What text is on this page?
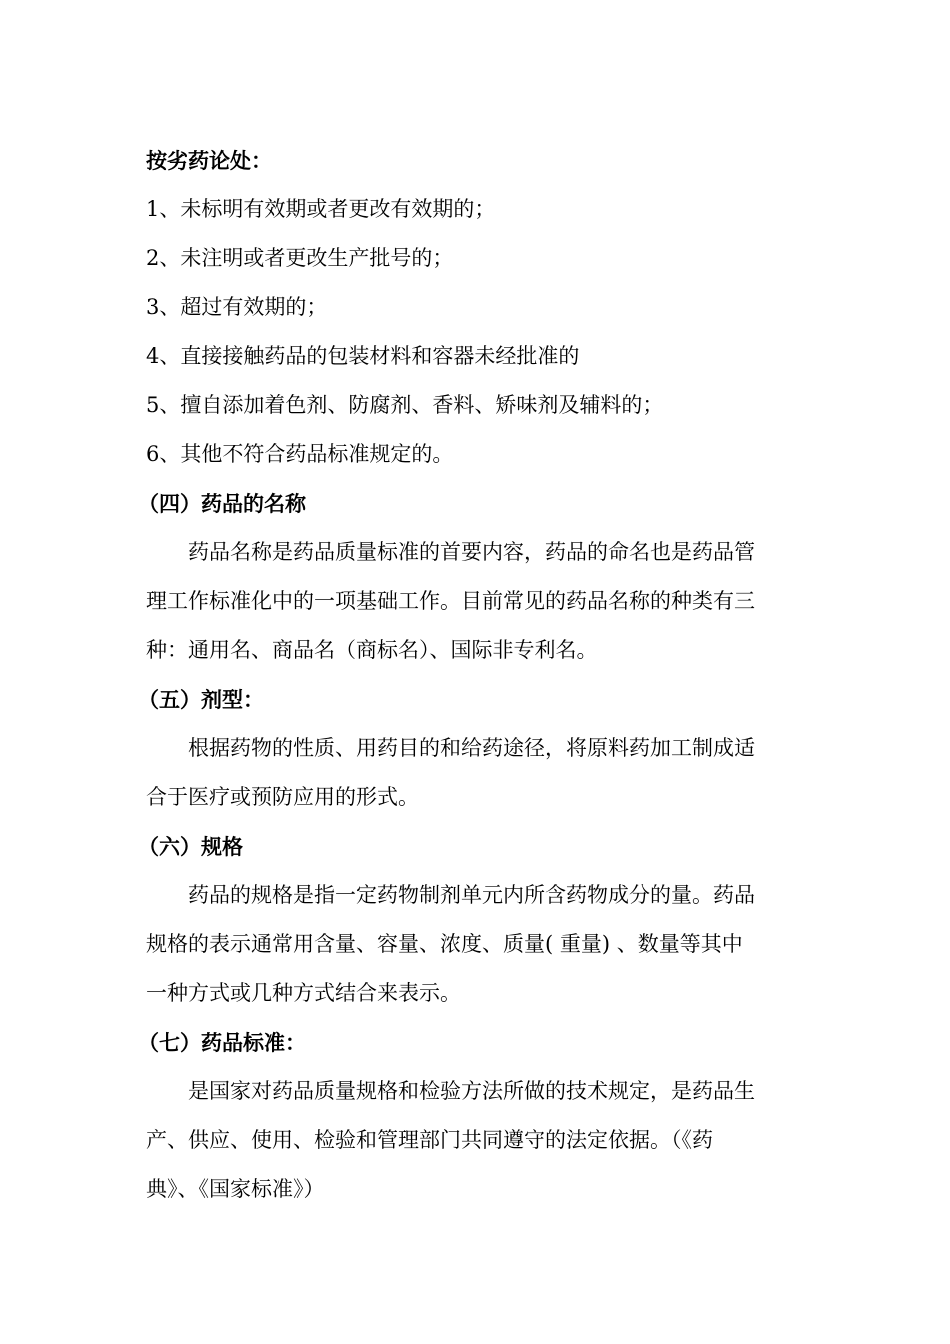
按劣药论处：
1、未标明有效期或者更改有效期的；
2、未注明或者更改生产批号的；
3、超过有效期的；
4、直接接触药品的包装材料和容器未经批准的
5、擅自添加着色剂、防腐剂、香料、矫味剂及辅料的；
6、其他不符合药品标准规定的。
（四）药品的名称
药品名称是药品质量标准的首要内容，药品的命名也是药品管
理工作标准化中的一项基础工作。目前常见的药品名称的种类有三
种：通用名、商品名（商标名）、国际非专利名。
（五）剂型：
根据药物的性质、用药目的和给药途径，将原料药加工制成适
合于医疗或预防应用的形式。
（六）规格
药品的规格是指一定药物制剂单元内所含药物成分的量。药品
规格的表示通常用含量、容量、浓度、质量( 重量) 、数量等其中
一种方式或几种方式结合来表示。
（七）药品标准：
是国家对药品质量规格和检验方法所做的技术规定，是药品生
产、供应、使用、检验和管理部门共同遵守的法定依据。（《药
典》、《国家标准》）
